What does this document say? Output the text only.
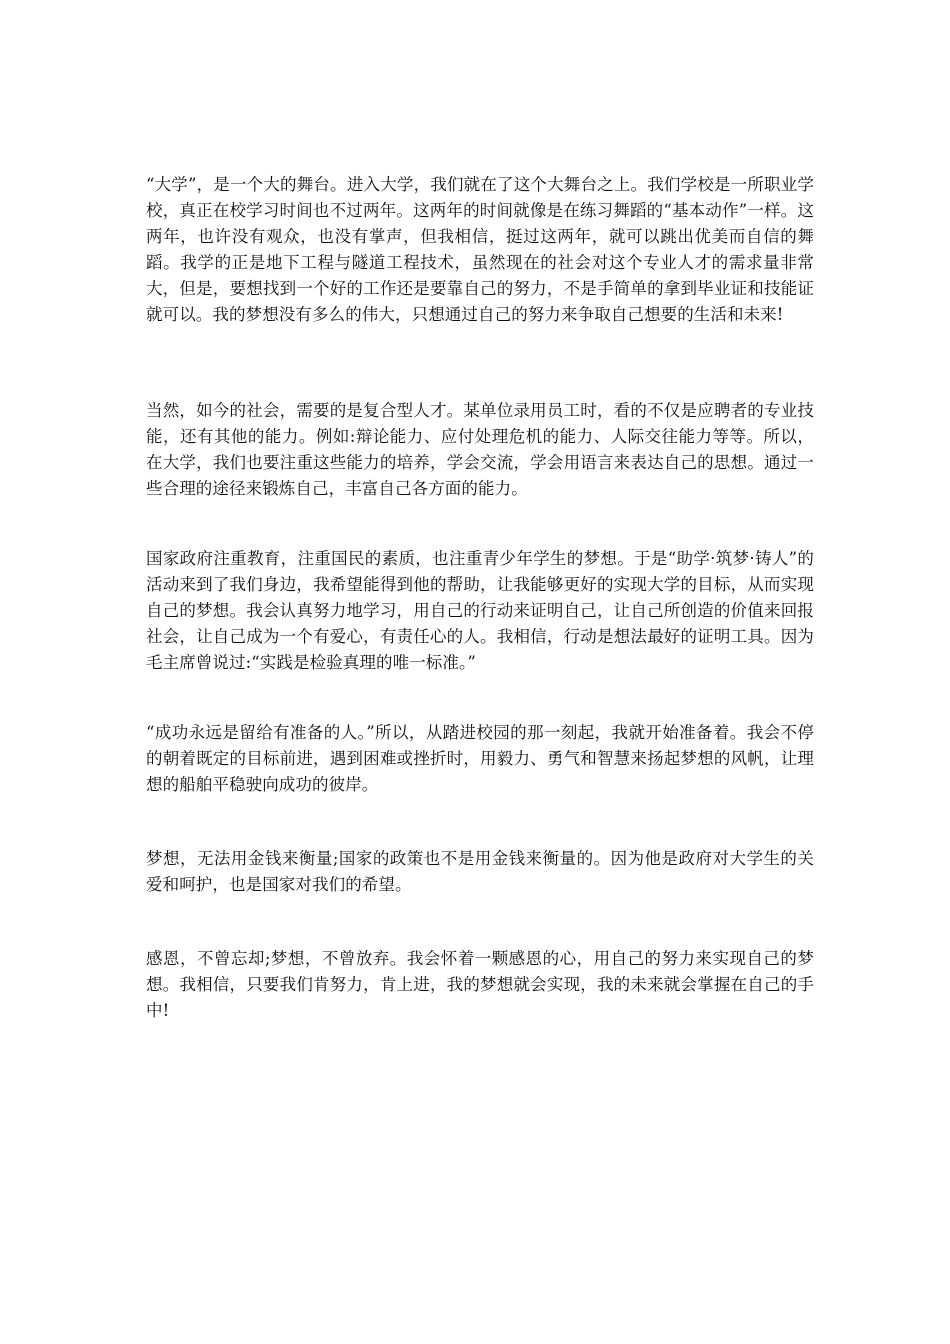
“大学”，是一个大的舞台。进入大学，我们就在了这个大舞台之上。我们学校是一所职业学校，真正在校学习时间也不过两年。这两年的时间就像是在练习舞蹈的“基本动作”一样。这两年，也许没有观众，也没有掌声，但我相信，挺过这两年，就可以跳出优美而自信的舞蹈。我学的正是地下工程与隧道工程技术，虽然现在的社会对这个专业人才的需求量非常大，但是，要想找到一个好的工作还是要靠自己的努力，不是手简单的拿到毕业证和技能证就可以。我的梦想没有多么的伟大，只想通过自己的努力来争取自己想要的生活和未来!

当然，如今的社会，需要的是复合型人才。某单位录用员工时，看的不仅是应聘者的专业技能，还有其他的能力。例如:辩论能力、应付处理危机的能力、人际交往能力等等。所以，在大学，我们也要注重这些能力的培养，学会交流，学会用语言来表达自己的思想。通过一些合理的途径来锻炼自己，丰富自己各方面的能力。

国家政府注重教育，注重国民的素质，也注重青少年学生的梦想。于是“助学·筑梦·铸人”的活动来到了我们身边，我希望能得到他的帮助，让我能够更好的实现大学的目标，从而实现自己的梦想。我会认真努力地学习，用自己的行动来证明自己，让自己所创造的价值来回报社会，让自己成为一个有爱心，有责任心的人。我相信，行动是想法最好的证明工具。因为毛主席曾说过:“实践是检验真理的唯一标准。”

“成功永远是留给有准备的人。”所以，从踏进校园的那一刻起，我就开始准备着。我会不停的朝着既定的目标前进，遇到困难或挫折时，用毅力、勇气和智慧来扬起梦想的风帆，让理想的船舶平稳驶向成功的彼岸。

梦想，无法用金钱来衡量;国家的政策也不是用金钱来衡量的。因为他是政府对大学生的关爱和呵护，也是国家对我们的希望。

感恩，不曾忘却;梦想，不曾放弃。我会怀着一颗感恩的心，用自己的努力来实现自己的梦想。我相信，只要我们肯努力，肯上进，我的梦想就会实现，我的未来就会掌握在自己的手中!
